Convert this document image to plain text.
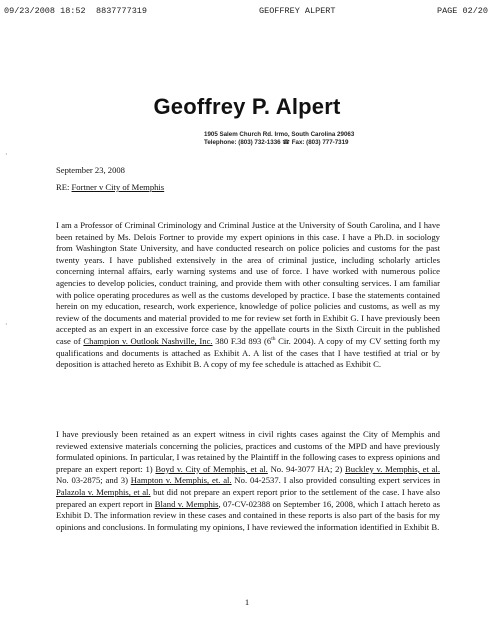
09/23/2008 18:52 8837777319	GEOFFREY ALPERT	PAGE 02/20
·
·
Geoffrey P. Alpert
1905 Salem Church Rd. Irmo, South Carolina 29063
Telephone: (803) 732-1336 ☎ Fax: (803) 777-7319
September 23, 2008
RE: Fortner v City of Memphis
I am a Professor of Criminal Criminology and Criminal Justice at the University of South Carolina, and I have been retained by Ms. Delois Fortner to provide my expert opinions in this case. I have a Ph.D. in sociology from Washington State University, and have conducted research on police policies and customs for the past twenty years. I have published extensively in the area of criminal justice, including scholarly articles concerning internal affairs, early warning systems and use of force. I have worked with numerous police agencies to develop policies, conduct training, and provide them with other consulting services. I am familiar with police operating procedures as well as the customs developed by practice. I base the statements contained herein on my education, research, work experience, knowledge of police policies and customs, as well as my review of the documents and material provided to me for review set forth in Exhibit G. I have previously been accepted as an expert in an excessive force case by the appellate courts in the Sixth Circuit in the published case of Champion v. Outlook Nashville, Inc. 380 F.3d 893 (6th Cir. 2004). A copy of my CV setting forth my qualifications and documents is attached as Exhibit A. A list of the cases that I have testified at trial or by deposition is attached hereto as Exhibit B. A copy of my fee schedule is attached as Exhibit C.
I have previously been retained as an expert witness in civil rights cases against the City of Memphis and reviewed extensive materials concerning the policies, practices and customs of the MPD and have previously formulated opinions. In particular, I was retained by the Plaintiff in the following cases to express opinions and prepare an expert report: 1) Boyd v. City of Memphis, et al. No. 94-3077 HA; 2) Buckley v. Memphis, et al. No. 03-2875; and 3) Hampton v. Memphis, et. al. No. 04-2537. I also provided consulting expert services in Palazola v. Memphis, et al. but did not prepare an expert report prior to the settlement of the case. I have also prepared an expert report in Bland v. Memphis, 07-CV-02388 on September 16, 2008, which I attach hereto as Exhibit D. The information review in these cases and contained in these reports is also part of the basis for my opinions and conclusions. In formulating my opinions, I have reviewed the information identified in Exhibit B.
1
